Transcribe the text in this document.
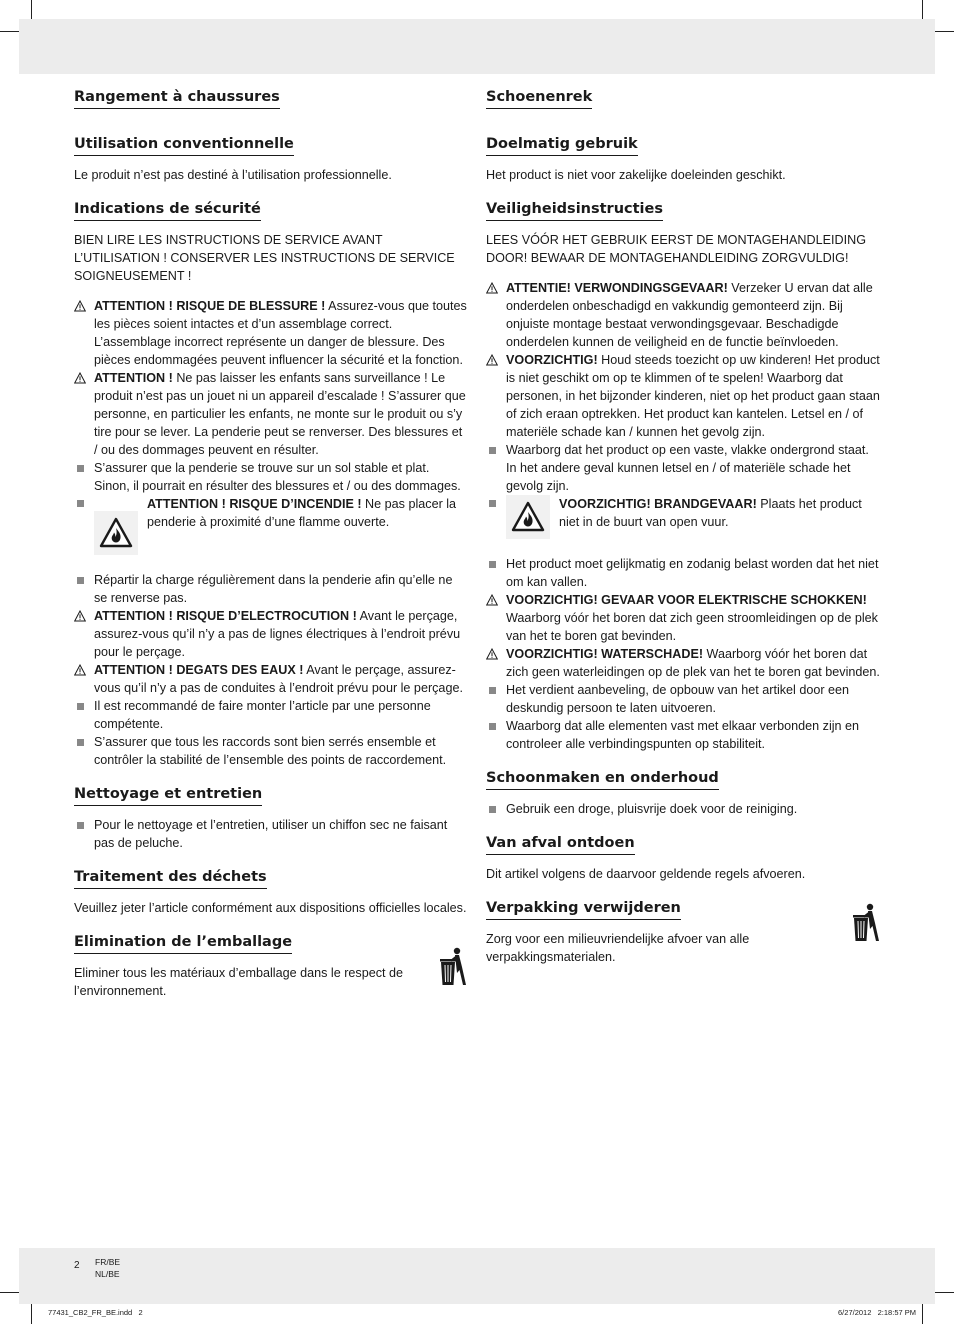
Rangement à chaussures
Utilisation conventionnelle

Le produit n’est pas destiné à l’utilisation professionnelle.

Indications de sécurité

BIEN LIRE LES INSTRUCTIONS DE SERVICE AVANT L’UTILISATION ! CONSERVER LES INSTRUCTIONS DE SERVICE SOIGNEUSEMENT !

ATTENTION ! RISQUE DE BLESSURE ! Assurez-vous que toutes les pièces soient intactes et d’un assemblage correct. L’assemblage incorrect représente un danger de blessure. Des pièces endommagées peuvent influencer la sécurité et la fonction.
ATTENTION ! Ne pas laisser les enfants sans surveillance ! Le produit n’est pas un jouet ni un appareil d’escalade ! S’assurer que personne, en particulier les enfants, ne monte sur le produit ou s’y tire pour se lever. La penderie peut se renverser. Des blessures et / ou des dommages peuvent en résulter.
S’assurer que la penderie se trouve sur un sol stable et plat. Sinon, il pourrait en résulter des blessures et / ou des dommages.
ATTENTION ! RISQUE D’INCENDIE ! Ne pas placer la penderie à proximité d’une flamme ouverte.
Répartir la charge régulièrement dans la penderie afin qu’elle ne se renverse pas.
ATTENTION ! RISQUE D’ELECTROCUTION ! Avant le perçage, assurez-vous qu’il n’y a pas de lignes électriques à l’endroit prévu pour le perçage.
ATTENTION ! DEGATS DES EAUX ! Avant le perçage, assurez-vous qu’il n’y a pas de conduites à l’endroit prévu pour le perçage.
Il est recommandé de faire monter l’article par une personne compétente.
S’assurer que tous les raccords sont bien serrés ensemble et contrôler la stabilité de l’ensemble des points de raccordement.
Nettoyage et entretien
Pour le nettoyage et l’entretien, utiliser un chiffon sec ne faisant pas de peluche.
Traitement des déchets

Veuillez jeter l’article conformément aux dispositions officielles locales.

Elimination de l’emballage

Eliminer tous les matériaux d’emballage dans le respect de l’environnement.

Schoenenrek
Doelmatig gebruik

Het product is niet voor zakelijke doeleinden geschikt.

Veiligheidsinstructies

LEES VÓÓR HET GEBRUIK EERST DE MONTAGEHANDLEIDING DOOR! BEWAAR DE MONTAGEHANDLEIDING ZORGVULDIG!

ATTENTIE! VERWONDINGSGEVAAR! Verzeker U ervan dat alle onderdelen onbeschadigd en vakkundig gemonteerd zijn. Bij onjuiste montage bestaat verwondingsgevaar. Beschadigde onderdelen kunnen de veiligheid en de functie beïnvloeden.
VOORZICHTIG! Houd steeds toezicht op uw kinderen! Het product is niet geschikt om op te klimmen of te spelen! Waarborg dat personen, in het bijzonder kinderen, niet op het product gaan staan of zich eraan optrekken. Het product kan kantelen. Letsel en / of materiële schade kan / kunnen het gevolg zijn.
Waarborg dat het product op een vaste, vlakke ondergrond staat. In het andere geval kunnen letsel en / of materiële schade het gevolg zijn.
VOORZICHTIG! BRANDGEVAAR! Plaats het product niet in de buurt van open vuur.
Het product moet gelijkmatig en zodanig belast worden dat het niet om kan vallen.
VOORZICHTIG! GEVAAR VOOR ELEKTRISCHE SCHOKKEN! Waarborg vóór het boren dat zich geen stroomleidingen op de plek van het te boren gat bevinden.
VOORZICHTIG! WATERSCHADE! Waarborg vóór het boren dat zich geen waterleidingen op de plek van het te boren gat bevinden.
Het verdient aanbeveling, de opbouw van het artikel door een deskundig persoon te laten uitvoeren.
Waarborg dat alle elementen vast met elkaar verbonden zijn en controleer alle verbindingspunten op stabiliteit.
Schoonmaken en onderhoud
Gebruik een droge, pluisvrije doek voor de reiniging.
Van afval ontdoen

Dit artikel volgens de daarvoor geldende regels afvoeren.

Verpakking verwijderen

Zorg voor een milieuvriendelijke afvoer van alle verpakkingsmaterialen.

2 FR/BE
NL/BE
77431_CB2_FR_BE.indd   2	6/27/2012   2:18:57 PM
